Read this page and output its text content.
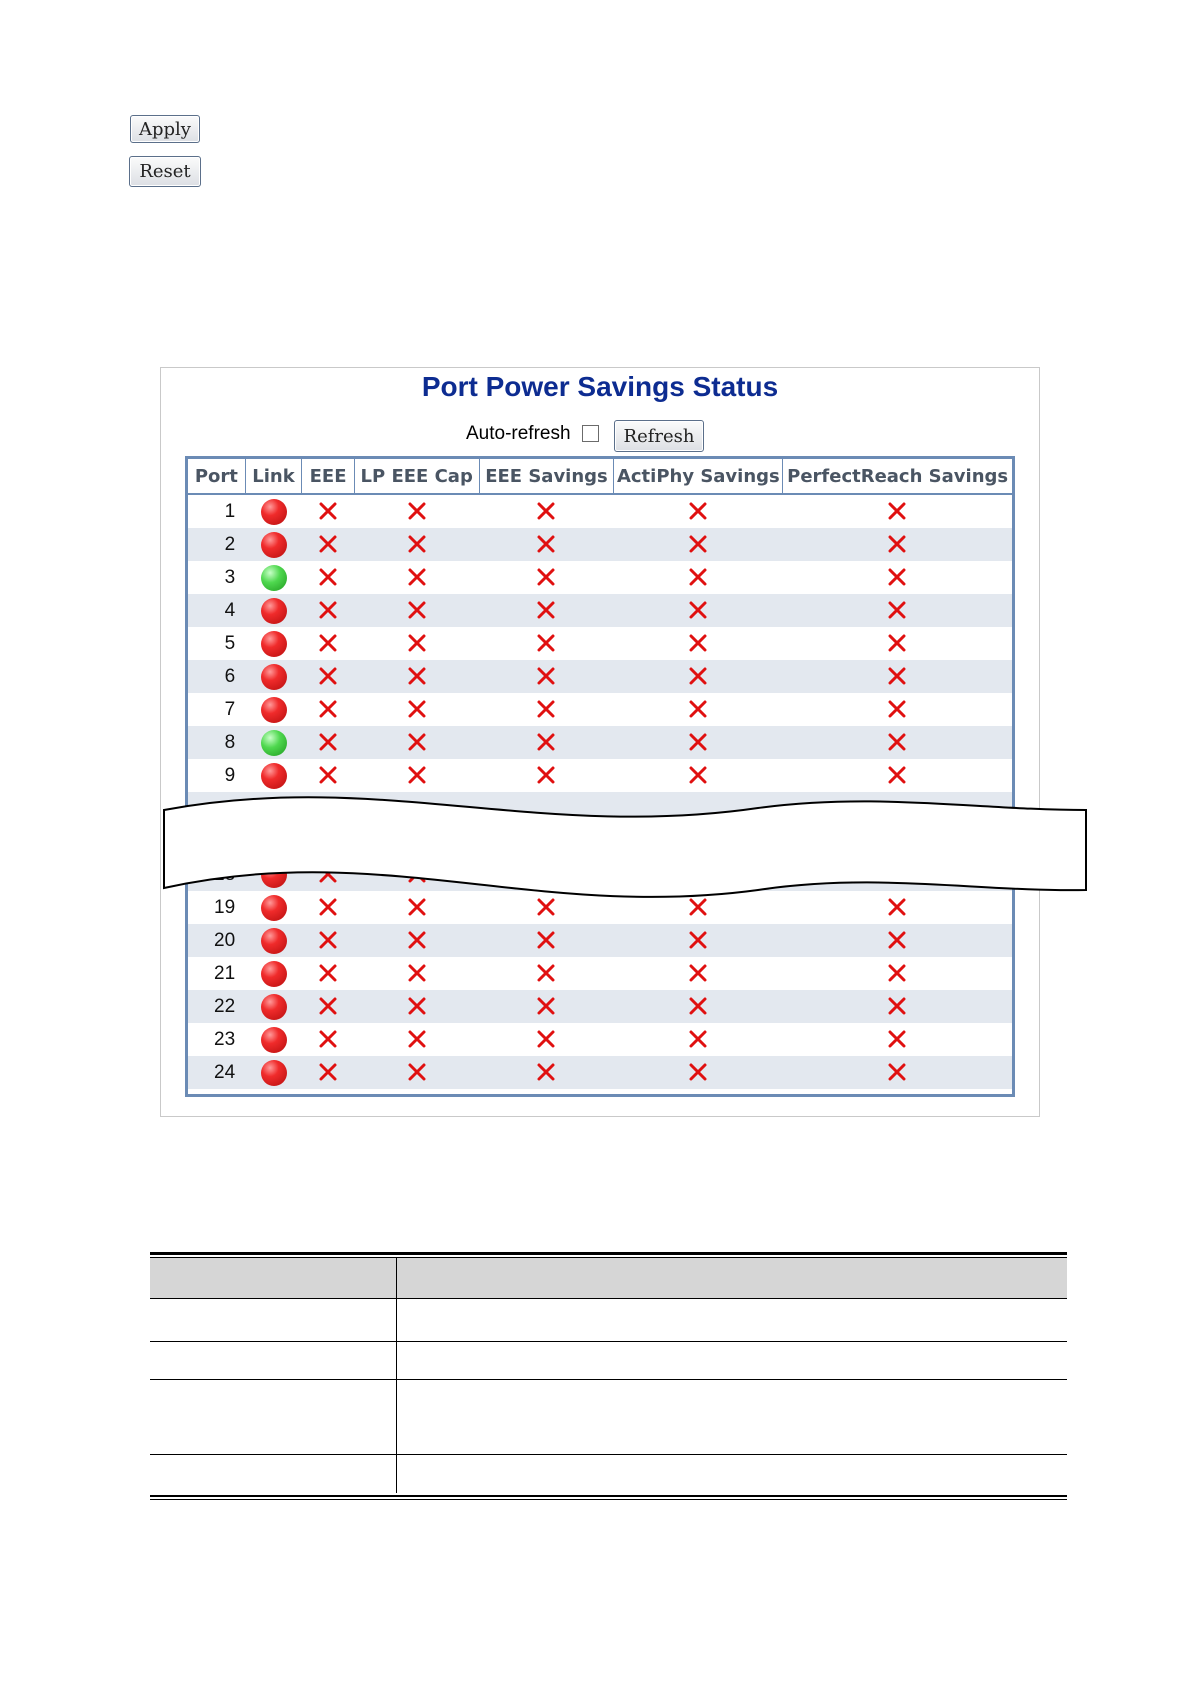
Apply
Reset
Port Power Savings Status
Auto-refresh	Refresh
Port	Link	EEE	LP EEE Cap	EEE Savings	ActiPhy Savings	PerfectReach Savings
1						
2						
3						
4						
5						
6						
7						
8						
9						

19						
20						
21						
22						
23						
24						
